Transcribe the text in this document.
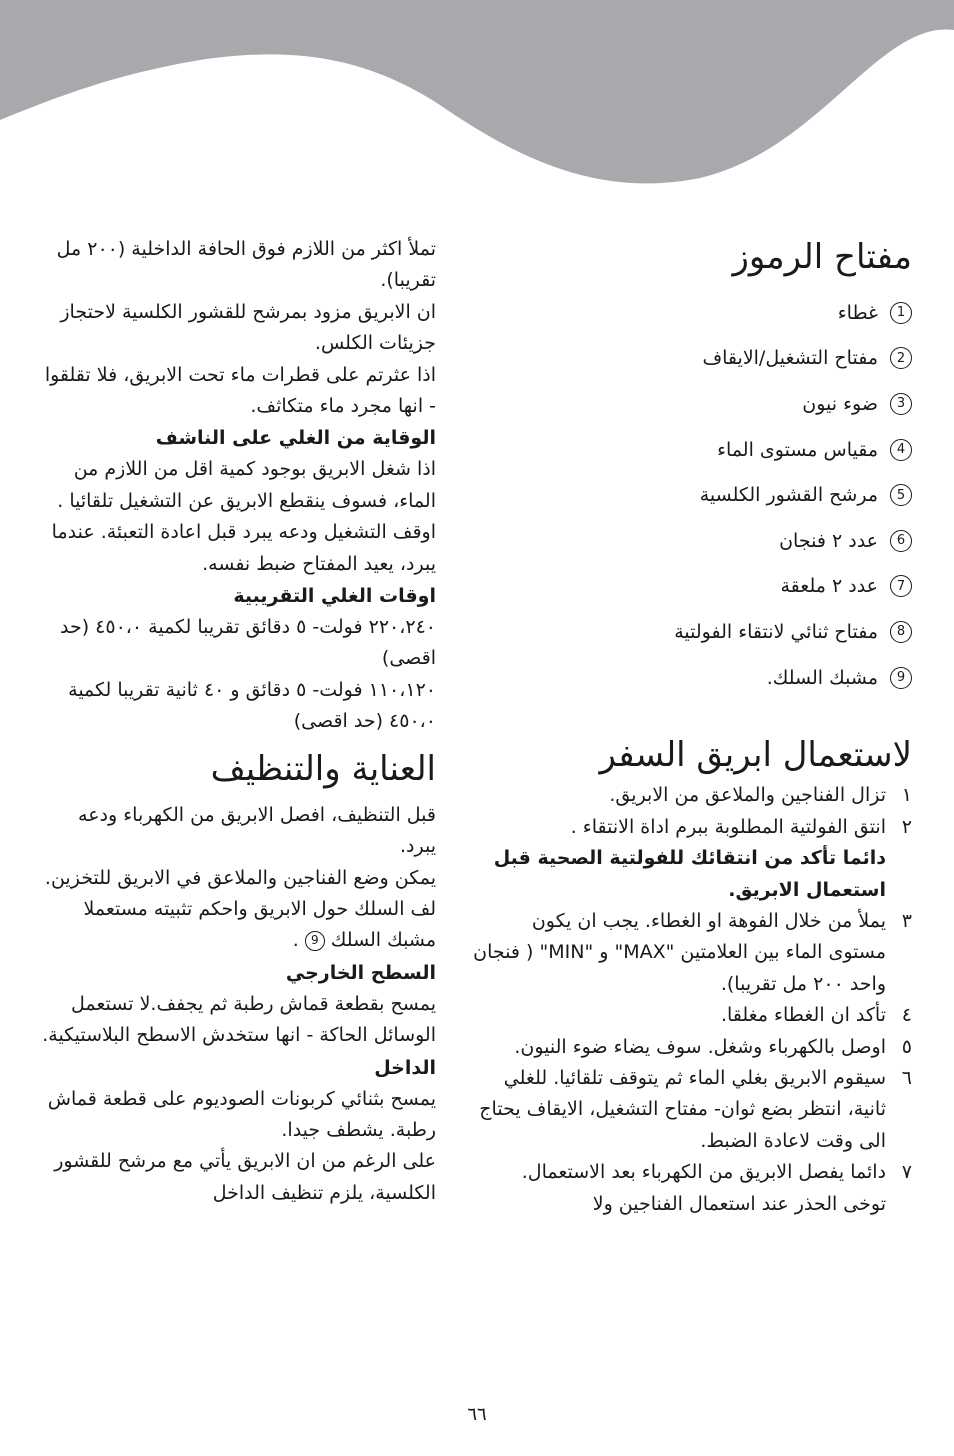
مفتاح الرموز
1
غطاء
2
مفتاح التشغيل/الايقاف
3
ضوء نيون
4
مقياس مستوى الماء
5
مرشح القشور الكلسية
6
عدد ٢ فنجان
7
عدد ٢ ملعقة
8
مفتاح ثنائي لانتقاء الفولتية
9
مشبك السلك.
لاستعمال ابريق السفر
١
تزال الفناجين والملاعق من الابريق.
٢
انتق الفولتية المطلوبة ببرم اداة الانتقاء .
دائما تأكد من انتقائك للفولتية الصحية قبل استعمال الابريق.
٣
يملأ من خلال الفوهة او الغطاء. يجب ان يكون مستوى الماء بين العلامتين "MAX" و "MIN" ( فنجان واحد ٢٠٠ مل تقريبا).
٤
تأكد ان الغطاء مغلقا.
٥
اوصل بالكهرباء وشغل. سوف يضاء ضوء النيون.
٦
سيقوم الابريق بغلي الماء ثم يتوقف تلقائيا. للغلي ثانية، انتظر بضع ثوان- مفتاح التشغيل، الايقاف يحتاج الى وقت لاعادة الضبط.
٧
دائما يفصل الابريق من الكهرباء بعد الاستعمال.

توخى الحذر عند استعمال الفناجين ولا

تملأ اكثر من اللازم فوق الحافة الداخلية (٢٠٠ مل تقريبا).

ان الابريق مزود بمرشح للقشور الكلسية لاحتجاز جزيئات الكلس.

اذا عثرتم على قطرات ماء تحت الابريق، فلا تقلقوا - انها مجرد ماء متكاثف.

الوقاية من الغلي على الناشف

اذا شغل الابريق بوجود كمية اقل من اللازم من الماء، فسوف ينقطع الابريق عن التشغيل تلقائيا . اوقف التشغيل ودعه يبرد قبل اعادة التعبئة. عندما يبرد، يعيد المفتاح ضبط نفسه.

اوقات الغلي التقريبية

٢٢٠،٢٤٠ فولت- ٥ دقائق تقريبا لكمية ٤٥٠،٠ (حد اقصى)

١١٠،١٢٠ فولت- ٥ دقائق و ٤٠ ثانية تقريبا لكمية ٤٥٠،٠ (حد اقصى)

العناية والتنظيف

قبل التنظيف، افصل الابريق من الكهرباء ودعه يبرد.

يمكن وضع الفناجين والملاعق في الابريق للتخزين.

لف السلك حول الابريق واحكم تثبيته مستعملا مشبك السلك9.

السطح الخارجي

يمسح بقطعة قماش رطبة ثم يجفف.لا تستعمل الوسائل الحاكة - انها ستخدش الاسطح البلاستيكية.

الداخل

يمسح بثنائي كربونات الصوديوم على قطعة قماش رطبة. يشطف جيدا.

على الرغم من ان الابريق يأتي مع مرشح للقشور الكلسية، يلزم تنظيف الداخل

٦٦
